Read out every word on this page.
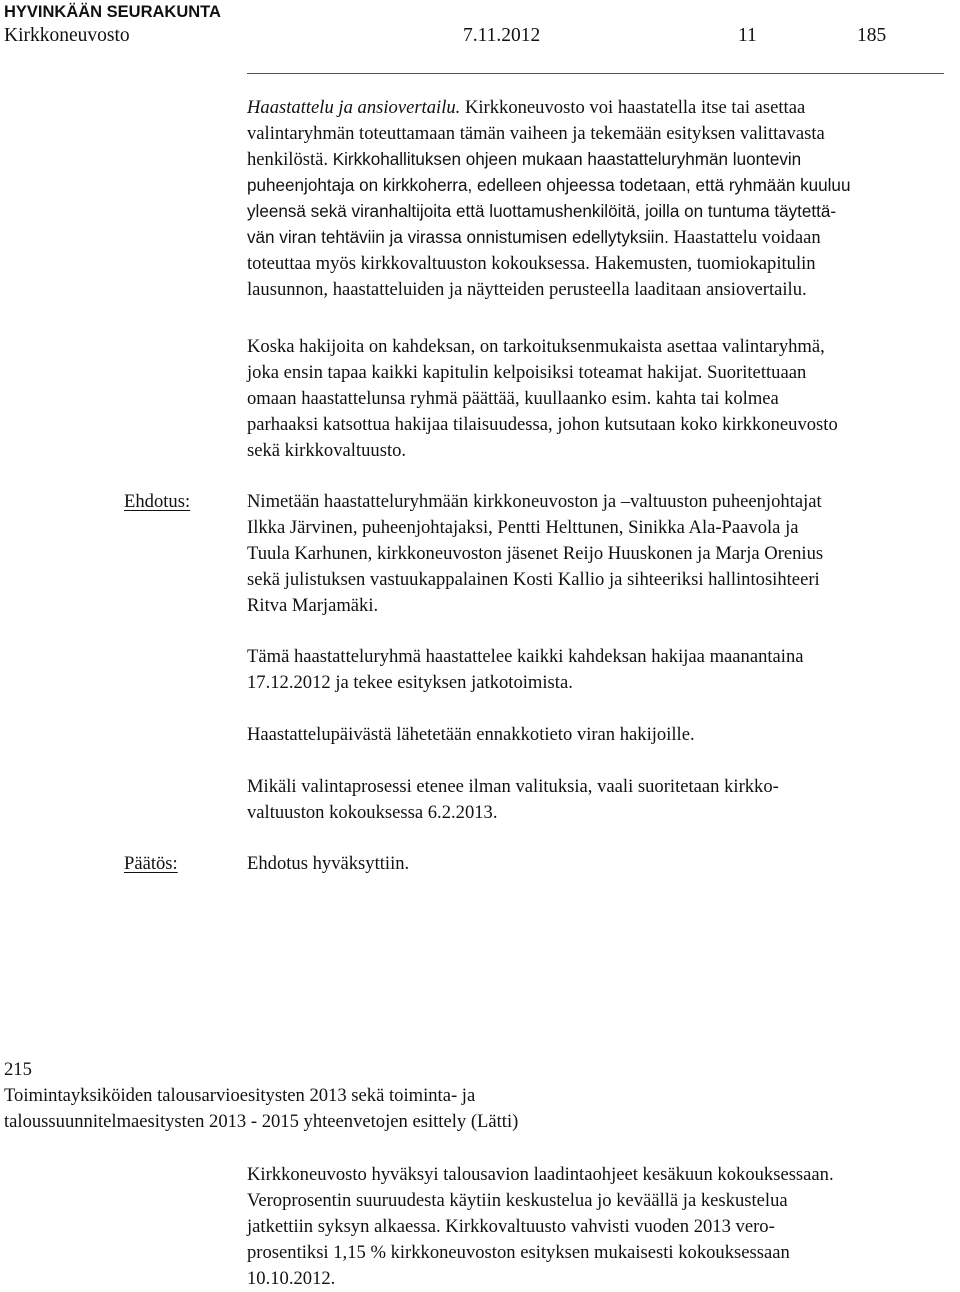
HYVINKÄÄN SEURAKUNTA
Kirkkoneuvosto	7.11.2012	11	185
Haastattelu ja ansiovertailu. Kirkkoneuvosto voi haastatella itse tai asettaa
valintaryhmän toteuttamaan tämän vaiheen ja tekemään esityksen valittavasta
henkilöstä. Kirkkohallituksen ohjeen mukaan haastatteluryhmän luontevin
puheenjohtaja on kirkkoherra, edelleen ohjeessa todetaan, että ryhmään kuuluu
yleensä sekä viranhaltijoita että luottamushenkilöitä, joilla on tuntuma täytettä-
vän viran tehtäviin ja virassa onnistumisen edellytyksiin. Haastattelu voidaan
toteuttaa myös kirkkovaltuuston kokouksessa. Hakemusten, tuomiokapitulin
lausunnon, haastatteluiden ja näytteiden perusteella laaditaan ansiovertailu.
Koska hakijoita on kahdeksan, on tarkoituksenmukaista asettaa valintaryhmä,
joka ensin tapaa kaikki kapitulin kelpoisiksi toteamat hakijat. Suoritettuaan
omaan haastattelunsa ryhmä päättää, kuullaanko esim. kahta tai kolmea
parhaaksi katsottua hakijaa tilaisuudessa, johon kutsutaan koko kirkkoneuvosto
sekä kirkkovaltuusto.
Ehdotus:	Nimetään haastatteluryhmään kirkkoneuvoston ja –valtuuston puheenjohtajat
Ilkka Järvinen, puheenjohtajaksi, Pentti Helttunen, Sinikka Ala-Paavola ja
Tuula Karhunen, kirkkoneuvoston jäsenet Reijo Huuskonen ja Marja Orenius
sekä julistuksen vastuukappalainen Kosti Kallio ja sihteeriksi hallintosihteeri
Ritva Marjamäki.
Tämä haastatteluryhmä haastattelee kaikki kahdeksan hakijaa maanantaina
17.12.2012 ja tekee esityksen jatkotoimista.
Haastattelupäivästä lähetetään ennakkotieto viran hakijoille.
Mikäli valintaprosessi etenee ilman valituksia, vaali suoritetaan kirkko-
valtuuston kokouksessa 6.2.2013.
Päätös:	Ehdotus hyväksyttiin.
215
Toimintayksiköiden talousarvioesitysten 2013 sekä toiminta- ja
taloussuunnitelmaesitysten 2013 - 2015 yhteenvetojen esittely (Lätti)
Kirkkoneuvosto hyväksyi talousavion laadintaohjeet kesäkuun kokouksessaan.
Veroprosentin suuruudesta käytiin keskustelua jo keväällä ja keskustelua
jatkettiin syksyn alkaessa. Kirkkovaltuusto vahvisti vuoden 2013 vero-
prosentiksi 1,15 % kirkkoneuvoston esityksen mukaisesti kokouksessaan
10.10.2012.
